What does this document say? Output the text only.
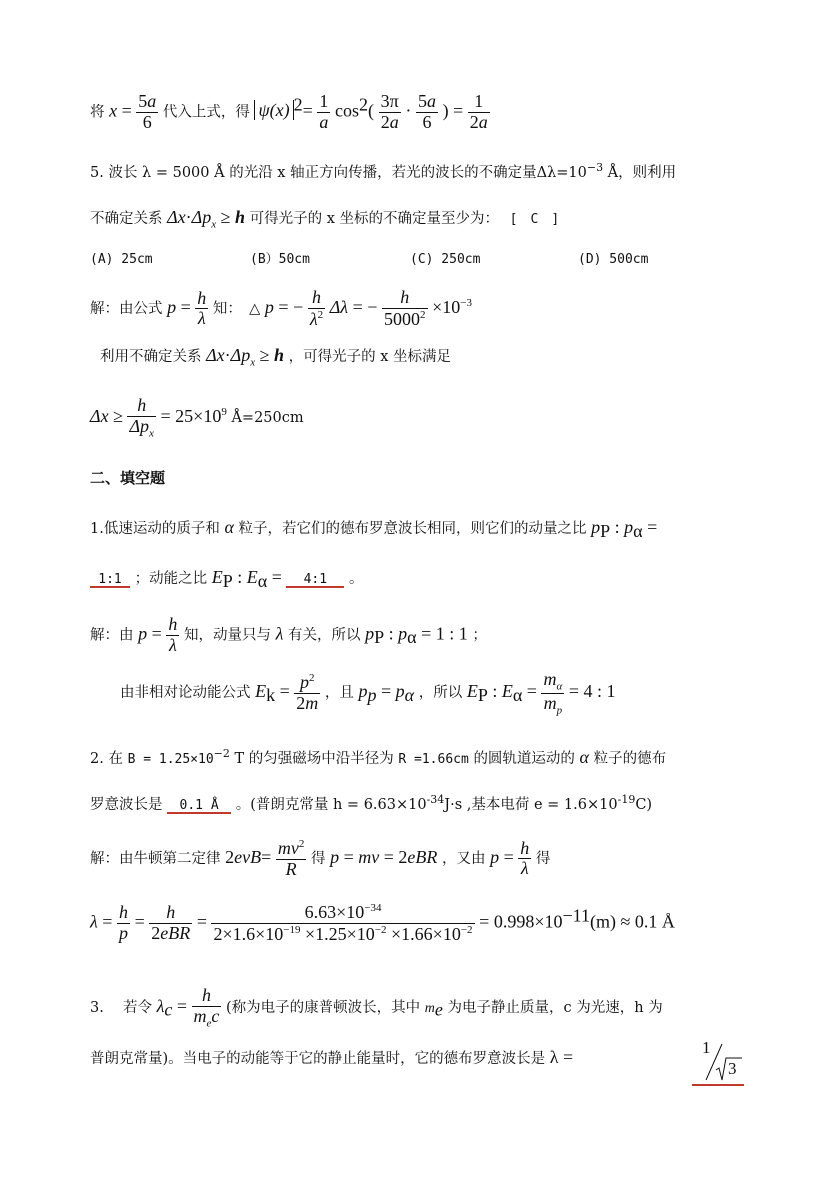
将 $x = \frac{5a}{6}$ 代入上式，得 ψ(x) $^2= \frac{1}{a} \cos^2( \frac{3\pi}{2a} \cdot \frac{5a}{6}$ ) = $\frac{1}{2a}$
5. 波长 λ = 5000 Å 的光沿 x 轴正方向传播，若光的波长的不确定量$\Delta\lambda=10^{-3}$ Å，则利用
不确定关系 $\Delta x\cdot\Delta p_x \ge h$ 可得光子的 x 坐标的不确定量至少为： [　C　]
(A) 25cm	(B）50cm	(C) 250cm	(D) 500cm
解：由公式 $p = \frac{h}{\lambda}$ 知：　△ p = − $\frac{h}{\lambda^2}$ Δλ = − $\frac{h}{5000^2} \times 10^{-3}$
利用不确定关系 $\Delta x\cdot\Delta p_x \ge h$ ，可得光子的 x 坐标满足
$\Delta x \ge \frac{h}{\Delta p_x} = 25\times 10^9$ Å=250cm
二、填空题
1.低速运动的质子和 α 粒子，若它们的德布罗意波长相同，则它们的动量之比 $p_P$ : $p_\alpha$ =
1:1 ；动能之比 $E_P$ : $E_\alpha$ = 4:1 。
解：由 $p = \frac{h}{\lambda}$ 知，动量只与 λ 有关，所以 $p_P$ : $p_\alpha = 1$ : 1 ；
由非相对论动能公式 $E_k = \frac{p^2}{2m}$ ，且 $p_p = p_\alpha$ ，所以 $E_P$ : $E_\alpha = \frac{m_\alpha}{m_p} = 4$ : 1
2. 在 $B = 1.25\times 10^{-2}$ T 的匀强磁场中沿半径为 R =1.66cm 的圆轨道运动的 α 粒子的德布
罗意波长是 0.1 Å 。(普朗克常量 $h = 6.63\times 10^{-34}J\cdot s$ ,基本电荷 $e = 1.6\times 10^{-19}C$)
解：由牛顿第二定律 $2evB= \frac{mv^2}{R}$ 得 p = mv = 2eBR ，又由 $p = \frac{h}{\lambda}$ 得
$\lambda = \frac{h}{p} = \frac{h}{\text{2eBR}} = \frac{6.63\times 10^{-34}}{2\times 1.6\times 10^{-19} \times 1.25\times 10^{-2} \times 1.66\times 10^{-2}} = 0.998\times 10^{-11}(m) \approx 0.1$ Å
3.　 若令 $\lambda_c = \frac{h}{m_ec}$ (称为电子的康普顿波长，其中 $m_e$ 为电子静止质量，c 为光速，h 为
普朗克常量)。当电子的动能等于它的静止能量时，它的德布罗意波长是 λ =	1
3
